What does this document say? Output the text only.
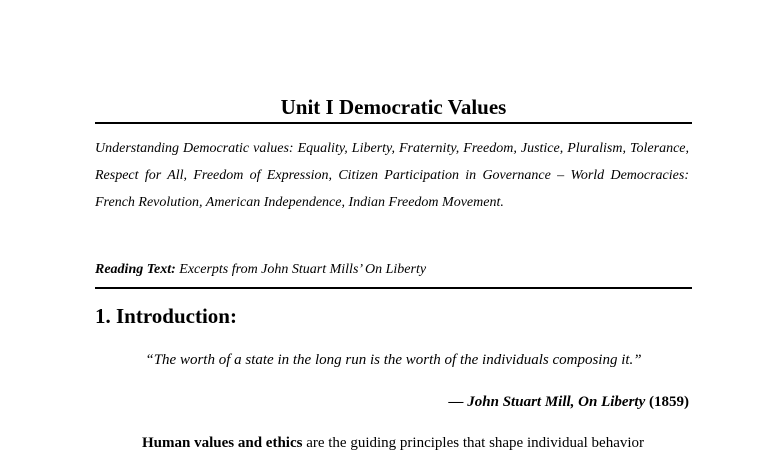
Unit I Democratic Values
Understanding Democratic values: Equality, Liberty, Fraternity, Freedom, Justice, Pluralism, Tolerance, Respect for All, Freedom of Expression, Citizen Participation in Governance – World Democracies: French Revolution, American Independence, Indian Freedom Movement.
Reading Text: Excerpts from John Stuart Mills’ On Liberty
1. Introduction:
“The worth of a state in the long run is the worth of the individuals composing it.”
— John Stuart Mill, On Liberty (1859)
Human values and ethics are the guiding principles that shape individual behavior
